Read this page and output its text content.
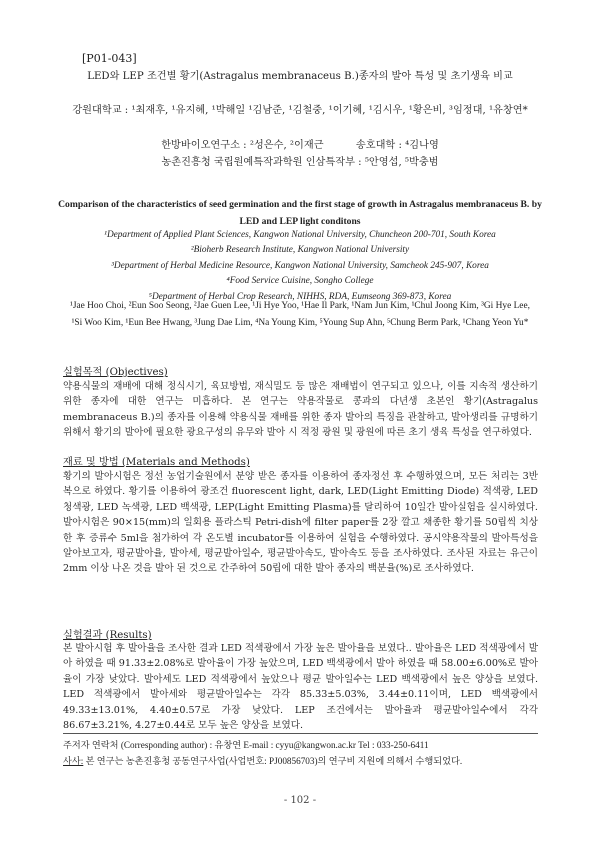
[P01-043]
LED와 LEP 조건별 황기(Astragalus membranaceus B.)종자의 발아 특성 및 초기생육 비교
강원대학교 : ¹최재후, ¹유지혜, ¹박해일 ¹김남준, ¹김철중, ¹이기혜, ¹김시우, ¹황은비, ³임정대, ¹유창연*
한방바이오연구소 : ²성은수, ²이재근          송호대학 : ⁴김나영
농촌진흥청 국립원예특작과학원 인삼특작부 : ⁵안영섭, ⁵박충범
Comparison of the characteristics of seed germination and the first stage of growth in Astragalus membranaceus B. by LED and LEP light conditons
¹Department of Applied Plant Sciences, Kangwon National University, Chuncheon 200-701, South Korea
²Bioherb Research Institute, Kangwon National University
³Department of Herbal Medicine Resource, Kangwon National University, Samcheok 245-907, Korea
⁴Food Service Cuisine, Songho College
⁵Department of Herbal Crop Research, NIHHS, RDA, Eumseong 369-873, Korea
¹Jae Hoo Choi, ²Eun Soo Seong, ²Jae Guen Lee, ¹Ji Hye Yoo, ¹Hae Il Park, ¹Nam Jun Kim, ¹Chul Joong Kim, ³Gi Hye Lee, ¹Si Woo Kim, ¹Eun Bee Hwang, ³Jung Dae Lim, ⁴Na Young Kim, ⁵Young Sup Ahn, ⁵Chung Berm Park, ¹Chang Yeon Yu*
실험목적 (Objectives)
약용식물의 재배에 대해 정식시기, 육묘방법, 재식밀도 등 많은 재배법이 연구되고 있으나, 이를 지속적 생산하기 위한 종자에 대한 연구는 미흡하다. 본 연구는 약용작물로 콩과의 다년생 초본인 황기(Astragalus membranaceus B.)의 종자를 이용해 약용식물 재배를 위한 종자 발아의 특징을 관찰하고, 발아생리를 규명하기 위해서 황기의 발아에 필요한 광요구성의 유무와 발아 시 적정 광원 및 광원에 따른 초기 생육 특성을 연구하였다.
재료 및 방법 (Materials and Methods)
황기의 발아시험은 정선 농업기술원에서 분양 받은 종자를 이용하여 종자정선 후 수행하였으며, 모든 처리는 3반복으로 하였다. 황기를 이용하여 광조건 fluorescent light, dark, LED(Light Emitting Diode) 적색광, LED 청색광, LED 녹색광, LED 백색광, LEP(Light Emitting Plasma)를 달리하여 10일간 발아실험을 실시하였다. 발아시험은 90×15(mm)의 일회용 플라스틱 Petri-dish에 filter paper를 2장 깔고 채종한 황기를 50립씩 치상한 후 증류수 5ml을 첨가하여 각 온도별 incubator를 이용하여 실험을 수행하였다. 공시약용작물의 발아특성을 알아보고자, 평균발아율, 발아세, 평균발아일수, 평균발아속도, 발아속도 등을 조사하였다. 조사된 자료는 유근이 2mm 이상 나온 것을 발아 된 것으로 간주하여 50립에 대한 발아 종자의 백분율(%)로 조사하였다.
실험결과 (Results)
본 발아시험 후 발아율을 조사한 결과 LED 적색광에서 가장 높은 발아율을 보였다.. 발아율은 LED 적색광에서 발아 하였을 때 91.33±2.08%로 발아율이 가장 높았으며, LED 백색광에서 발아 하였을 때 58.00±6.00%로 발아율이 가장 낮았다. 발아세도 LED 적색광에서 높았으나 평균 발아일수는 LED 백색광에서 높은 양상을 보였다. LED 적색광에서 발아세와 평균발아일수는 각각 85.33±5.03%, 3.44±0.11이며, LED 백색광에서 49.33±13.01%, 4.40±0.57로 가장 낮았다. LEP 조건에서는 발아율과 평균발아일수에서 각각 86.67±3.21%, 4.27±0.44로 모두 높은 양상을 보였다.
주저자 연락처 (Corresponding author) : 유창연 E-mail : cyyu@kangwon.ac.kr Tel : 033-250-6411
사사: 본 연구는 농촌진흥청 공동연구사업(사업번호: PJ00856703)의 연구비 지원에 의해서 수행되었다.
- 102 -
